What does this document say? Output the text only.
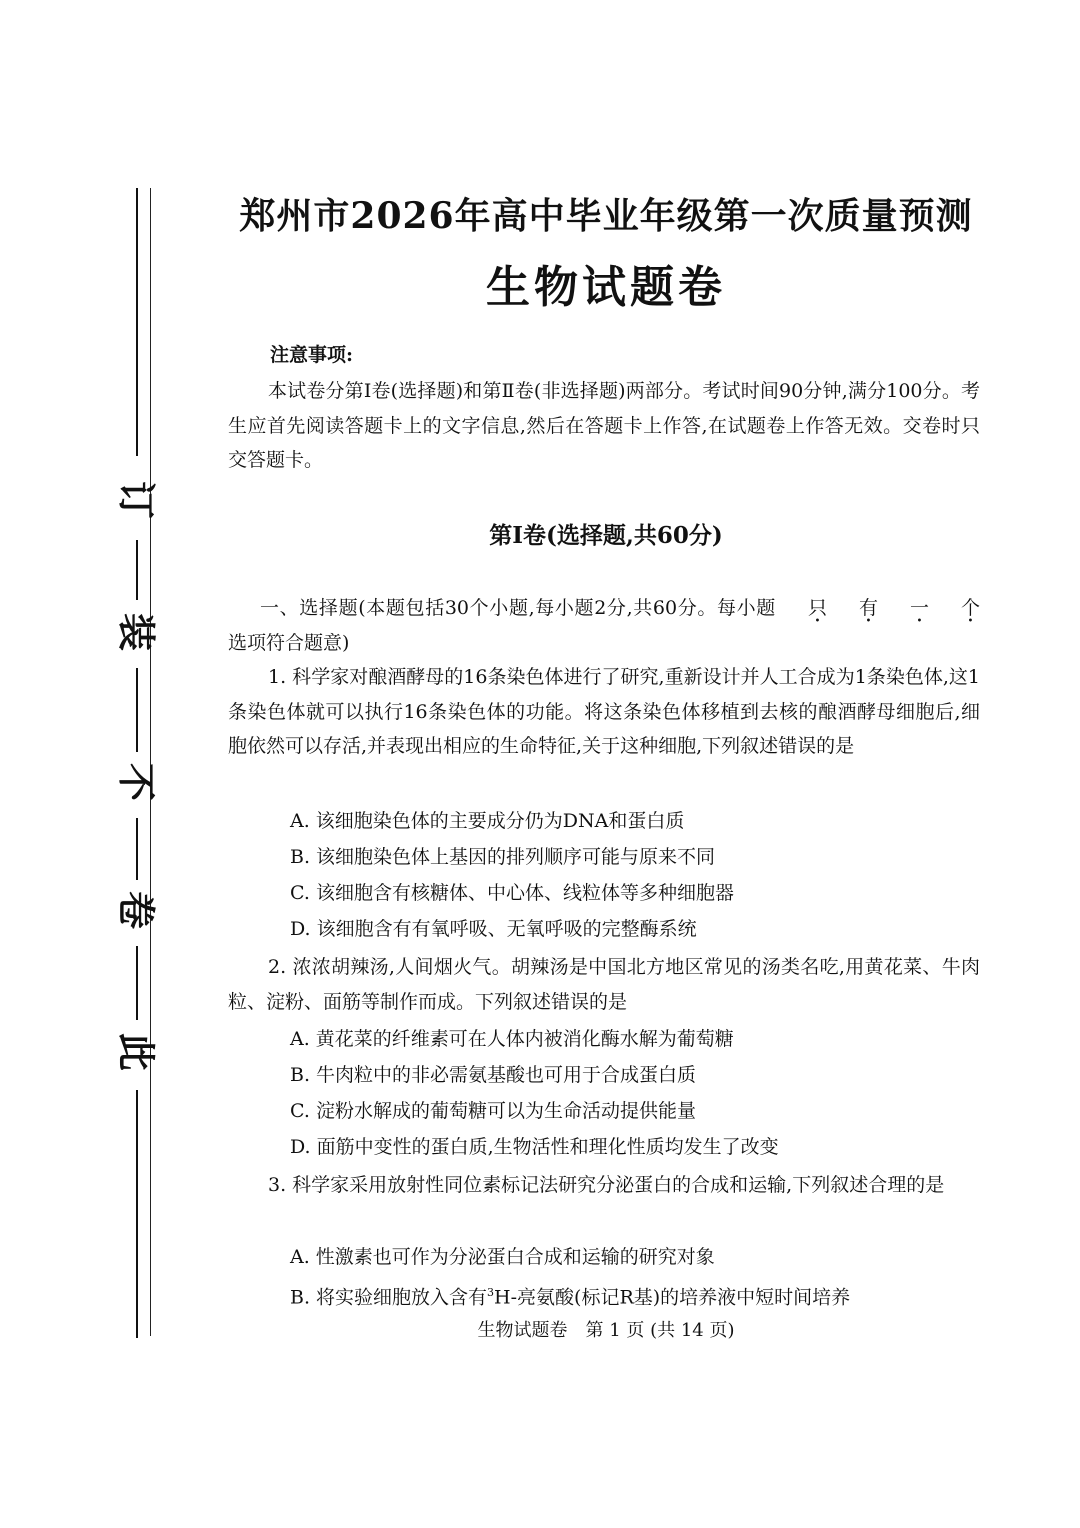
订
装
不
卷
此
郑州市2026年高中毕业年级第一次质量预测
生物试题卷
注意事项:
本试卷分第Ⅰ卷(选择题)和第Ⅱ卷(非选择题)两部分。考试时间90分钟,满分100分。考生应首先阅读答题卡上的文字信息,然后在答题卡上作答,在试题卷上作答无效。交卷时只交答题卡。
第Ⅰ卷(选择题,共60分)
一、选择题(本题包括30个小题,每小题2分,共60分。每小题 只 有 一 个选项符合题意)
1. 科学家对酿酒酵母的16条染色体进行了研究,重新设计并人工合成为1条染色体,这1条染色体就可以执行16条染色体的功能。将这条染色体移植到去核的酿酒酵母细胞后,细胞依然可以存活,并表现出相应的生命特征,关于这种细胞,下列叙述错误的是
A. 该细胞染色体的主要成分仍为DNA和蛋白质
B. 该细胞染色体上基因的排列顺序可能与原来不同
C. 该细胞含有核糖体、中心体、线粒体等多种细胞器
D. 该细胞含有有氧呼吸、无氧呼吸的完整酶系统
2. 浓浓胡辣汤,人间烟火气。胡辣汤是中国北方地区常见的汤类名吃,用黄花菜、牛肉粒、淀粉、面筋等制作而成。下列叙述错误的是
A. 黄花菜的纤维素可在人体内被消化酶水解为葡萄糖
B. 牛肉粒中的非必需氨基酸也可用于合成蛋白质
C. 淀粉水解成的葡萄糖可以为生命活动提供能量
D. 面筋中变性的蛋白质,生物活性和理化性质均发生了改变
3. 科学家采用放射性同位素标记法研究分泌蛋白的合成和运输,下列叙述合理的是
A. 性激素也可作为分泌蛋白合成和运输的研究对象
B. 将实验细胞放入含有$^3$H-亮氨酸(标记R基)的培养液中短时间培养
生物试题卷　第 1 页 (共 14 页)
